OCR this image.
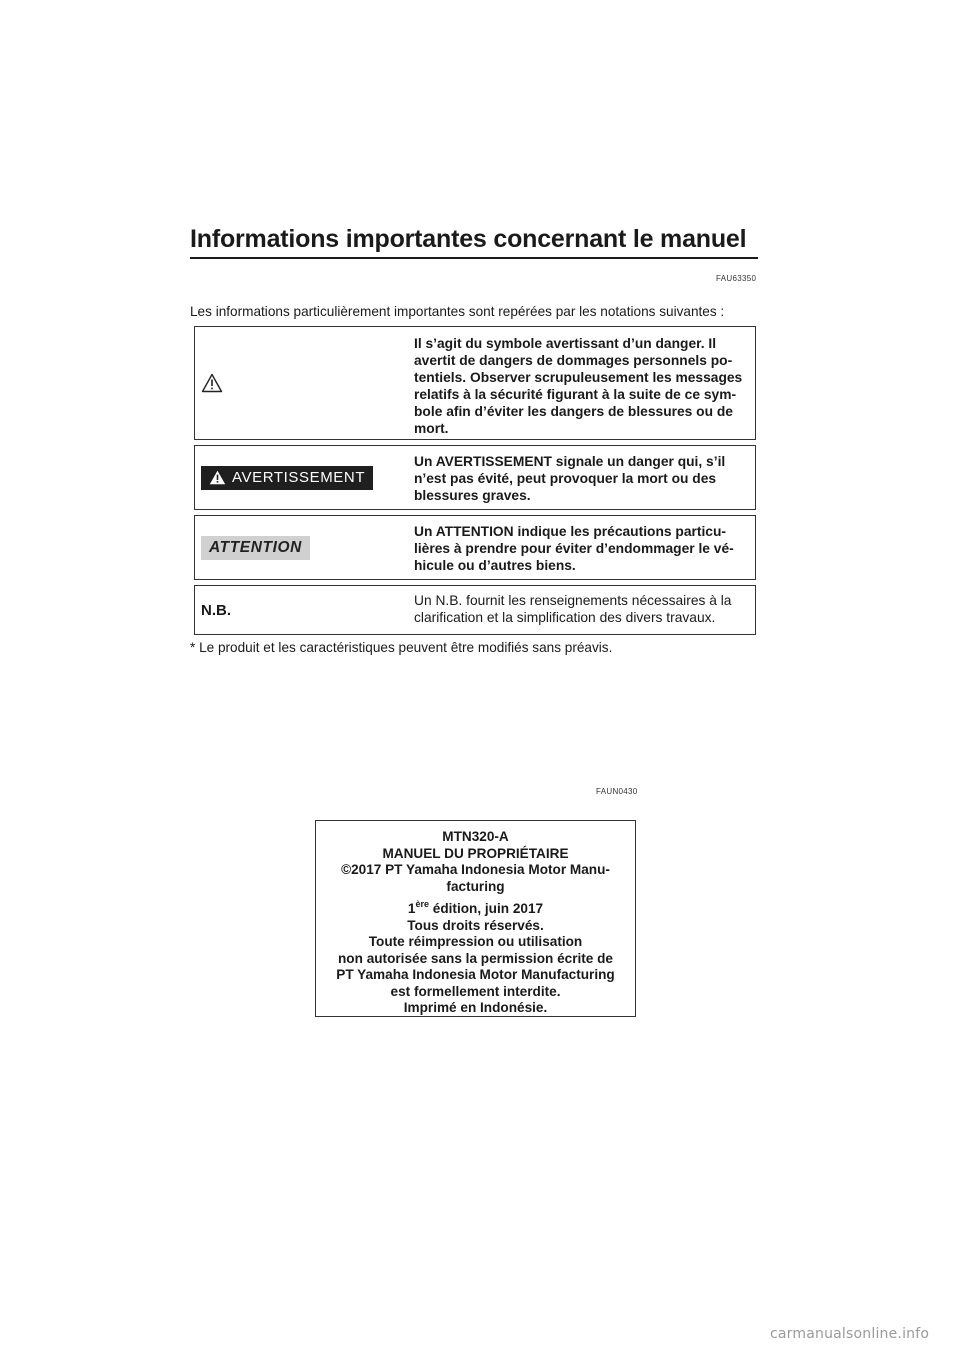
Informations importantes concernant le manuel
FAU63350
Les informations particulièrement importantes sont repérées par les notations suivantes :
Il s’agit du symbole avertissant d’un danger. Il avertit de dangers de dommages personnels po-tentiels. Observer scrupuleusement les messages relatifs à la sécurité figurant à la suite de ce sym-bole afin d’éviter les dangers de blessures ou de mort.
AVERTISSEMENT
Un AVERTISSEMENT signale un danger qui, s’il n’est pas évité, peut provoquer la mort ou des blessures graves.
ATTENTION
Un ATTENTION indique les précautions particu-lières à prendre pour éviter d’endommager le vé-hicule ou d’autres biens.
N.B.
Un N.B. fournit les renseignements nécessaires à la clarification et la simplification des divers travaux.
* Le produit et les caractéristiques peuvent être modifiés sans préavis.
FAUN0430
MTN320-A
MANUEL DU PROPRIÉTAIRE
©2017 PT Yamaha Indonesia Motor Manu-
facturing
1ère édition, juin 2017
Tous droits réservés.
Toute réimpression ou utilisation
non autorisée sans la permission écrite de
PT Yamaha Indonesia Motor Manufacturing
est formellement interdite.
Imprimé en Indonésie.
carmanualsonline.info
